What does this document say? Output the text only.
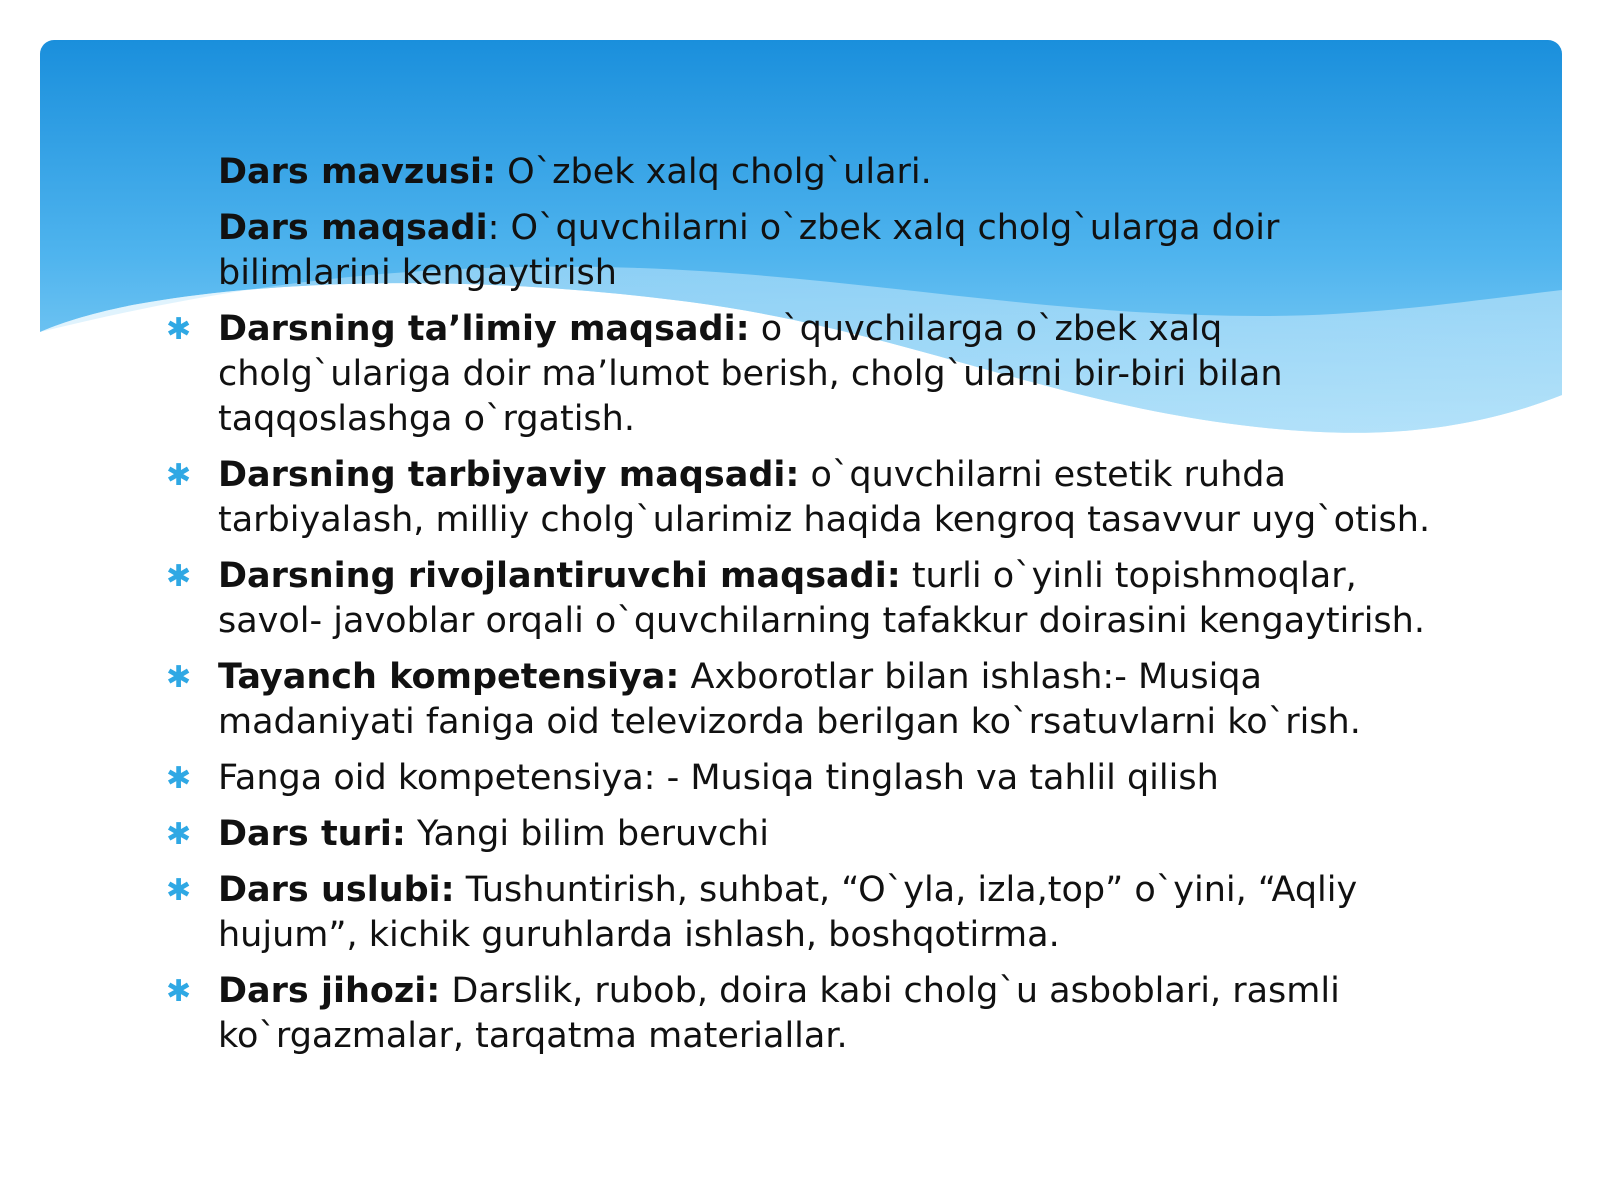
Dars mavzusi: O`zbek xalq cholg`ulari.
Dars maqsadi: O`quvchilarni o`zbek xalq cholg`ularga doir bilimlarini kengaytirish
✱ Darsning ta’limiy maqsadi: o`quvchilarga o`zbek xalq cholg`ulariga doir ma’lumot berish, cholg`ularni bir-biri bilan taqqoslashga o`rgatish.
✱ Darsning tarbiyaviy maqsadi: o`quvchilarni estetik ruhda tarbiyalash, milliy cholg`ularimiz haqida kengroq tasavvur uyg`otish.
✱ Darsning rivojlantiruvchi maqsadi: turli o`yinli topishmoqlar, savol- javoblar orqali o`quvchilarning tafakkur doirasini kengaytirish.
✱ Tayanch kompetensiya: Axborotlar bilan ishlash:- Musiqa madaniyati faniga oid televizorda berilgan ko`rsatuvlarni ko`rish.
✱ Fanga oid kompetensiya: - Musiqa tinglash va tahlil qilish
✱ Dars turi: Yangi bilim beruvchi
✱ Dars uslubi: Tushuntirish, suhbat, “O`yla, izla,top” o`yini, “Aqliy hujum”, kichik guruhlarda ishlash, boshqotirma.
✱ Dars jihozi: Darslik, rubob, doira kabi cholg`u asboblari, rasmli ko`rgazmalar, tarqatma materiallar.
